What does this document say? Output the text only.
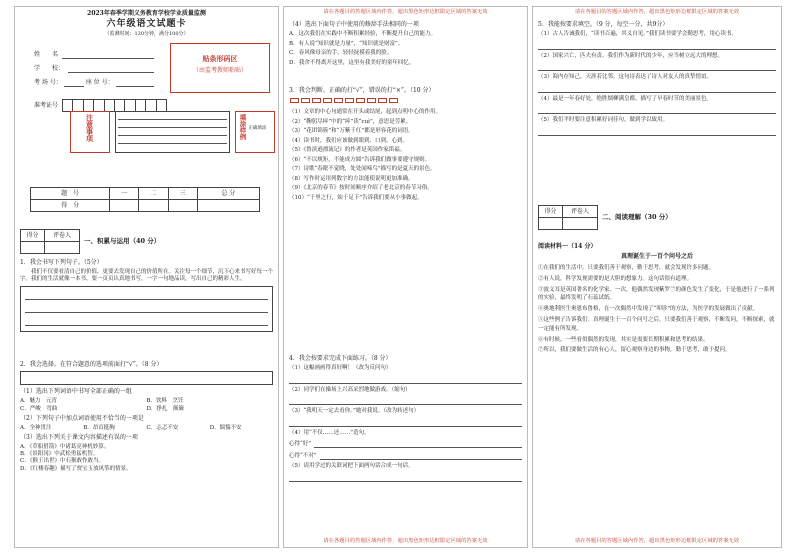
2023年春季学期义务教育学校学业质量监测
六年级语文试题卡
（监测时间：120分钟，满分100分）
姓　　名
学　　校：
考 场 号：	座 位 号：
贴条形码区
（由监考教师粘贴）
准考证号

注意事项	填涂样例 正确填涂
题　号	一	二	三	总 分
得　分				
得分	评卷人

一、积累与运用（40 分）
1．我会书写下列句子。（5分）
　　我们不仅要看清自己的价值，更要去发现自己的价值所在。关注每一个细节，沉下心来书写好每一个字。我们的生活就像一本书，要一页页认真地书写，一字一句地品读，写出自己的精彩人生。
2．我会选择。在符合题意的选项前面打“√”。（8 分）
（1）选出下列词语中书写全部正确的一组
A．魅力　元宵	B．饮料　烹饪
C．严峻　弯曲	D．挣扎　颠簸
（2）下列句子中加点词语使用不恰当的一项是
A．全神贯注	B．昂首挺胸	C．忐忑不安	D．惴惴不安
（3）选出下列关于课文内容描述有误的一项
A．《草船借箭》中诸葛亮神机妙算。
B．《景阳冈》中武松勇猛机智。
C．《猴王出世》中石猴敢作敢当。
D．《红楼春趣》描写了贾宝玉放风筝的情景。
请在各题目的答题区域内作答，超出黑色矩形边框限定区域的答案无效
（4）选出下面句子中使用的修辞手法相同的一项
A．这次我们在实践中不断积累经验，不断提升自己的能力。
B．有人说“知识就是力量”，“知识就是财富”。
C．春风像母亲的手，轻轻抚摸着我的脸。
D．我舍不得离开这里，这里有我美好的童年回忆。
3．我会判断。正确的打“√”，错误的打“×”。（10 分）
（1）文章的中心句通常在开头或结尾，起到点明中心的作用。
（2）“鞠躬尽瘁”中的“瘁”读“cuì”，意思是劳累。
（3）“花团锦簇”和“万紫千红”都是形容花的词语。
（4）读书时，我们应该做到眼到、口到、心到。
（5）《鲁滨逊漂流记》的作者是英国作家笛福。
（6）“不以规矩，不能成方圆”告诉我们做事要遵守规则。
（7）诗歌“春眠不觉晓，处处闻啼鸟”描写的是夏天的景色。
（8）写作时运用列数字的方法能使说明更加准确。
（9）《北京的春节》按时间顺序介绍了老北京的春节习俗。
（10）“千里之行，始于足下”告诉我们要从小事做起。
4．我会按要求完成下面练习。（8 分）
（1）这幅画画得真好啊！（改为反问句）
（2）同学们在操场上兴高采烈地做游戏。（缩句）
（3）“我明天一定去看你。”她对我说。（改为转述句）
（4）用“不仅……还……”造句。
心得“好”
心得“不对”
（5）请用学过的关联词把下面两句话合成一句话。
请在各题目的答题区域内作答，超出黑色矩形边框限定区域的答案无效
请在各题目的答题区域内作答，超出黑色矩形边框限定区域的答案无效
5．我能按要求填空。（9 分，每空一分，共9分）
（1）古人告诫我们，“读书百遍，其义自见。”我们读书要学会勤思考，用心读书。
（2）国家兴亡，匹夫有责。我们作为新时代的少年，应当树立远大的理想。
（3）海内存知己，天涯若比邻。这句诗表达了诗人对友人的真挚情谊。
（4）最是一年春好处，绝胜烟柳满皇都。描写了早春时节的美丽景色。
（5）我们平时要注意积累好词佳句，做到学以致用。
得分	评卷人

二、阅读理解（30 分）
阅读材料一（14 分）
真理诞生于一百个问号之后
①在我们的生活中，只要我们善于观察，勤于思考，就会发现许多问题。
②有人说，科学发现需要的是大胆的想象力。这句话很有道理。
③波义耳是英国著名的化学家。一次，他偶然发现紫罗兰的颜色发生了变化，于是他进行了一系列的实验，最终发明了石蕊试纸。
④奥地利医生奥恩布鲁格，在一次偶然中发现了“叩诊”的方法，为医学的发展做出了贡献。
⑤这些例子告诉我们：真理诞生于一百个问号之后。只要我们善于观察，不断发问，不断探索，就一定能有所发现。
⑥有时候，一些看似偶然的发现，其实是需要长期积累和思考的结果。
⑦所以，我们要做生活的有心人，留心观察身边的事物，勤于思考，敢于提问。
请在各题目的答题区域内作答，超出黑色矩形边框限定区域的答案无效
